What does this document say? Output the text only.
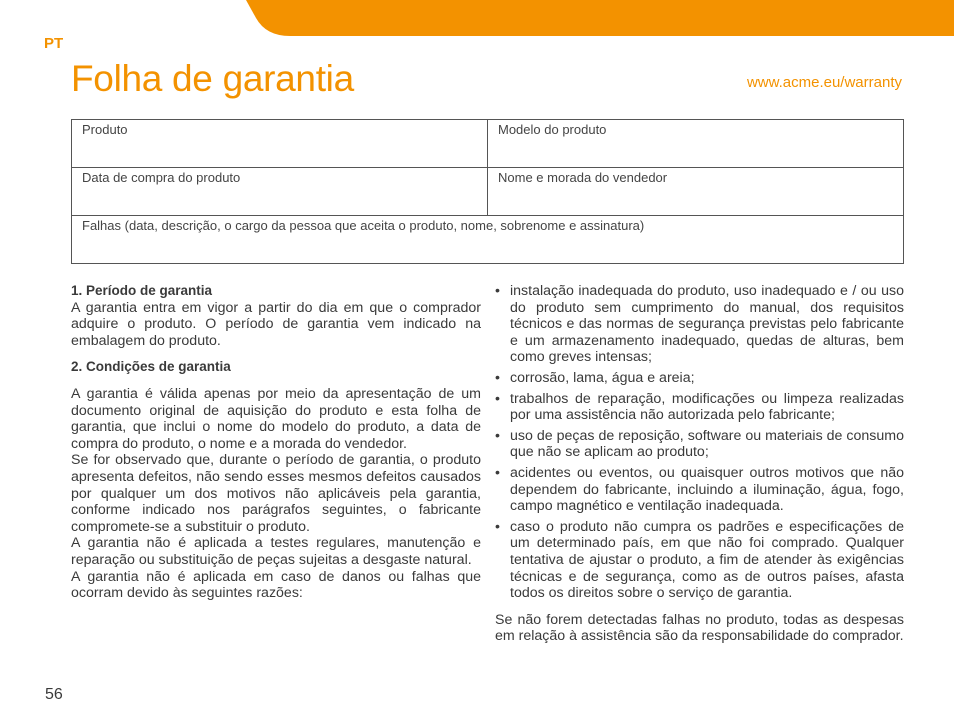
PT
Folha de garantia	www.acme.eu/warranty
Produto	Modelo do produto
Data de compra do produto	Nome e morada do vendedor
Falhas (data, descrição, o cargo da pessoa que aceita o produto, nome, sobrenome e assinatura)	

1. Período de garantia

A garantia entra em vigor a partir do dia em que o comprador adquire o produto. O período de garantia vem indicado na embalagem do produto.

2. Condições de garantia

A garantia é válida apenas por meio da apresentação de um documento original de aquisição do produto e esta folha de garantia, que inclui o nome do modelo do produto, a data de compra do produto, o nome e a morada do vendedor.

Se for observado que, durante o período de garantia, o produto apresenta defeitos, não sendo esses mesmos defeitos causados por qualquer um dos motivos não aplicáveis pela garantia, conforme indicado nos parágrafos seguintes, o fabricante compromete-se a substituir o produto.

A garantia não é aplicada a testes regulares, manutenção e reparação ou substituição de peças sujeitas a desgaste natural.

A garantia não é aplicada em caso de danos ou falhas que ocorram devido às seguintes razões:

• instalação inadequada do produto, uso inadequado e / ou uso do produto sem cumprimento do manual, dos requisitos técnicos e das normas de segurança previstas pelo fabricante e um armazenamento inadequado, quedas de alturas, bem como greves intensas;
• corrosão, lama, água e areia;
• trabalhos de reparação, modificações ou limpeza realizadas por uma assistência não autorizada pelo fabricante;
• uso de peças de reposição, software ou materiais de consumo que não se aplicam ao produto;
• acidentes ou eventos, ou quaisquer outros motivos que não dependem do fabricante, incluindo a iluminação, água, fogo, campo magnético e ventilação inadequada.
• caso o produto não cumpra os padrões e especificações de um determinado país, em que não foi comprado. Qualquer tentativa de ajustar o produto, a fim de atender às exigências técnicas e de segurança, como as de outros países, afasta todos os direitos sobre o serviço de garantia.

Se não forem detectadas falhas no produto, todas as despesas em relação à assistência são da responsabilidade do comprador.

56
